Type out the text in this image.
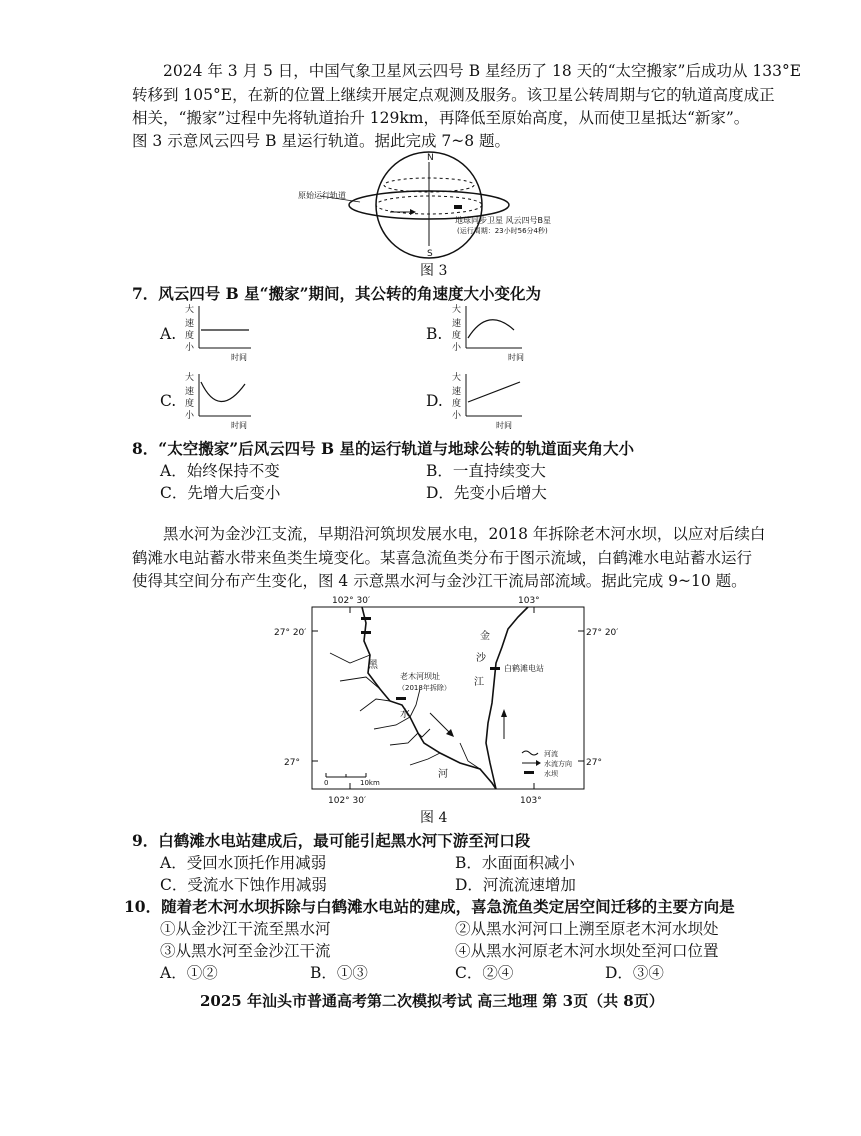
2024 年 3 月 5 日，中国气象卫星风云四号 B 星经历了 18 天的“太空搬家”后成功从 133°E
转移到 105°E，在新的位置上继续开展定点观测及服务。该卫星公转周期与它的轨道高度成正
相关，“搬家”过程中先将轨道抬升 129km，再降低至原始高度，从而使卫星抵达“新家”。
图 3 示意风云四号 B 星运行轨道。据此完成 7~8 题。
N
原始运行轨道
S
地球同步卫星 风云四号B星
(运行周期：23小时56分4秒)
图 3
7．风云四号 B 星“搬家”期间，其公转的角速度大小变化为
A.
大
速
度
小
时间
B.
大
速
度
小
时间
C.
大
速
度
小
时间
D.
大
速
度
小
时间
8．“太空搬家”后风云四号 B 星的运行轨道与地球公转的轨道面夹角大小
A．始终保持不变	B．一直持续变大
C．先增大后变小	D．先变小后增大
黑水河为金沙江支流，早期沿河筑坝发展水电，2018 年拆除老木河水坝，以应对后续白
鹤滩水电站蓄水带来鱼类生境变化。某喜急流鱼类分布于图示流域，白鹤滩水电站蓄水运行
使得其空间分布产生变化，图 4 示意黑水河与金沙江干流局部流域。据此完成 9~10 题。
102° 30′	103°
102° 30′	103°
27° 20′	27° 20′
27°	27°
黑
水
河
金
沙
江
老木河坝址
（2018年拆除）
白鹤滩电站
0	10km
河流
水流方向
水坝
图 4
9．白鹤滩水电站建成后，最可能引起黑水河下游至河口段
A．受回水顶托作用减弱	B．水面面积减小
C．受流水下蚀作用减弱	D．河流流速增加
10．随着老木河水坝拆除与白鹤滩水电站的建成，喜急流鱼类定居空间迁移的主要方向是
①从金沙江干流至黑水河	②从黑水河河口上溯至原老木河水坝处
③从黑水河至金沙江干流	④从黑水河原老木河水坝处至河口位置
A．①②	B．①③	C．②④	D．③④
2025 年汕头市普通高考第二次模拟考试 高三地理 第 3页（共 8页）
